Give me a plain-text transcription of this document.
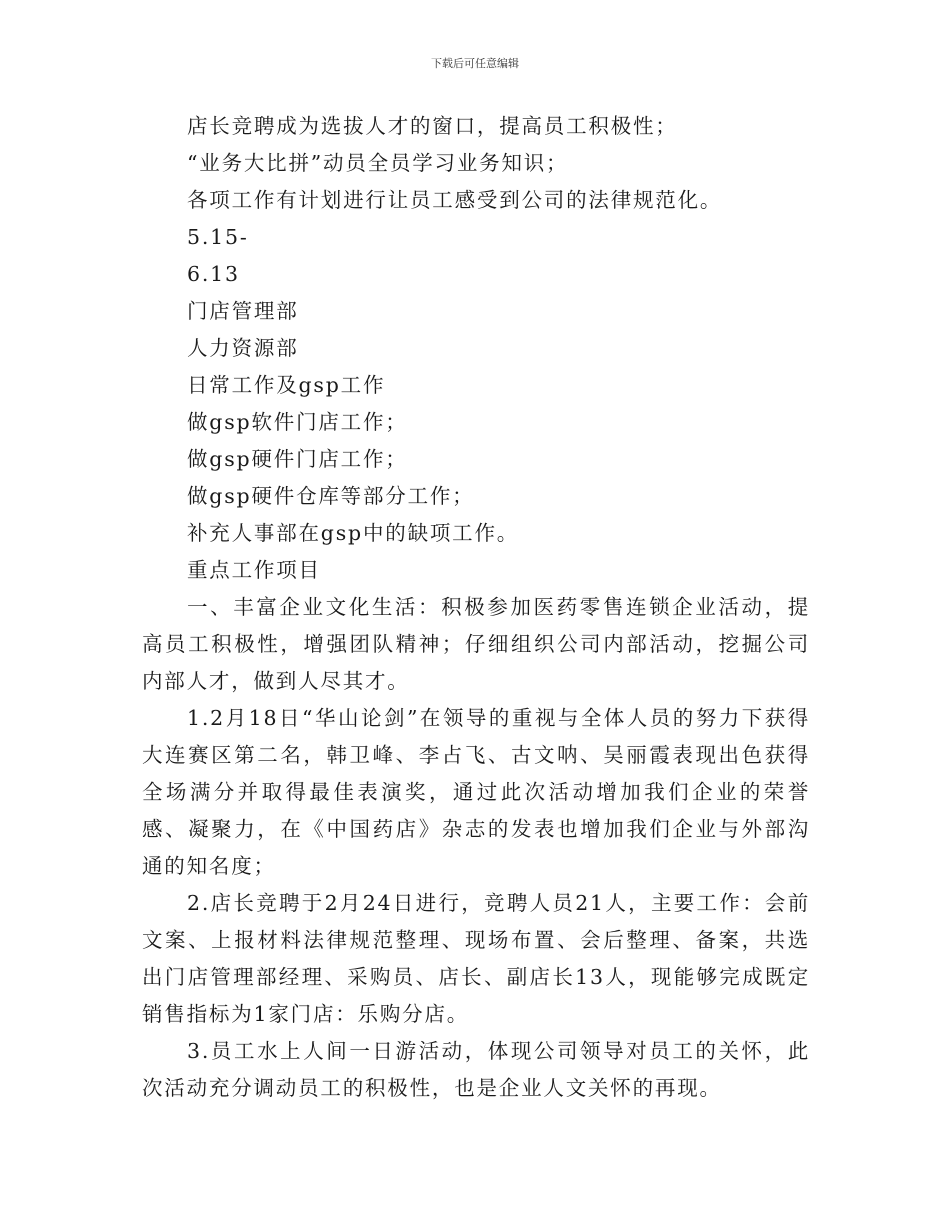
下载后可任意编辑
店长竞聘成为选拔人才的窗口，提高员工积极性；
“业务大比拼”动员全员学习业务知识；
各项工作有计划进行让员工感受到公司的法律规范化。
5.15-
6.13
门店管理部
人力资源部
日常工作及gsp工作
做gsp软件门店工作；
做gsp硬件门店工作；
做gsp硬件仓库等部分工作；
补充人事部在gsp中的缺项工作。
重点工作项目

一、丰富企业文化生活：积极参加医药零售连锁企业活动，提高员工积极性，增强团队精神；仔细组织公司内部活动，挖掘公司内部人才，做到人尽其才。

1.2月18日“华山论剑”在领导的重视与全体人员的努力下获得大连赛区第二名，韩卫峰、李占飞、古文呐、吴丽霞表现出色获得全场满分并取得最佳表演奖，通过此次活动增加我们企业的荣誉感、凝聚力，在《中国药店》杂志的发表也增加我们企业与外部沟通的知名度；

2.店长竞聘于2月24日进行，竞聘人员21人，主要工作：会前文案、上报材料法律规范整理、现场布置、会后整理、备案，共选出门店管理部经理、采购员、店长、副店长13人，现能够完成既定销售指标为1家门店：乐购分店。

3.员工水上人间一日游活动，体现公司领导对员工的关怀，此次活动充分调动员工的积极性，也是企业人文关怀的再现。
